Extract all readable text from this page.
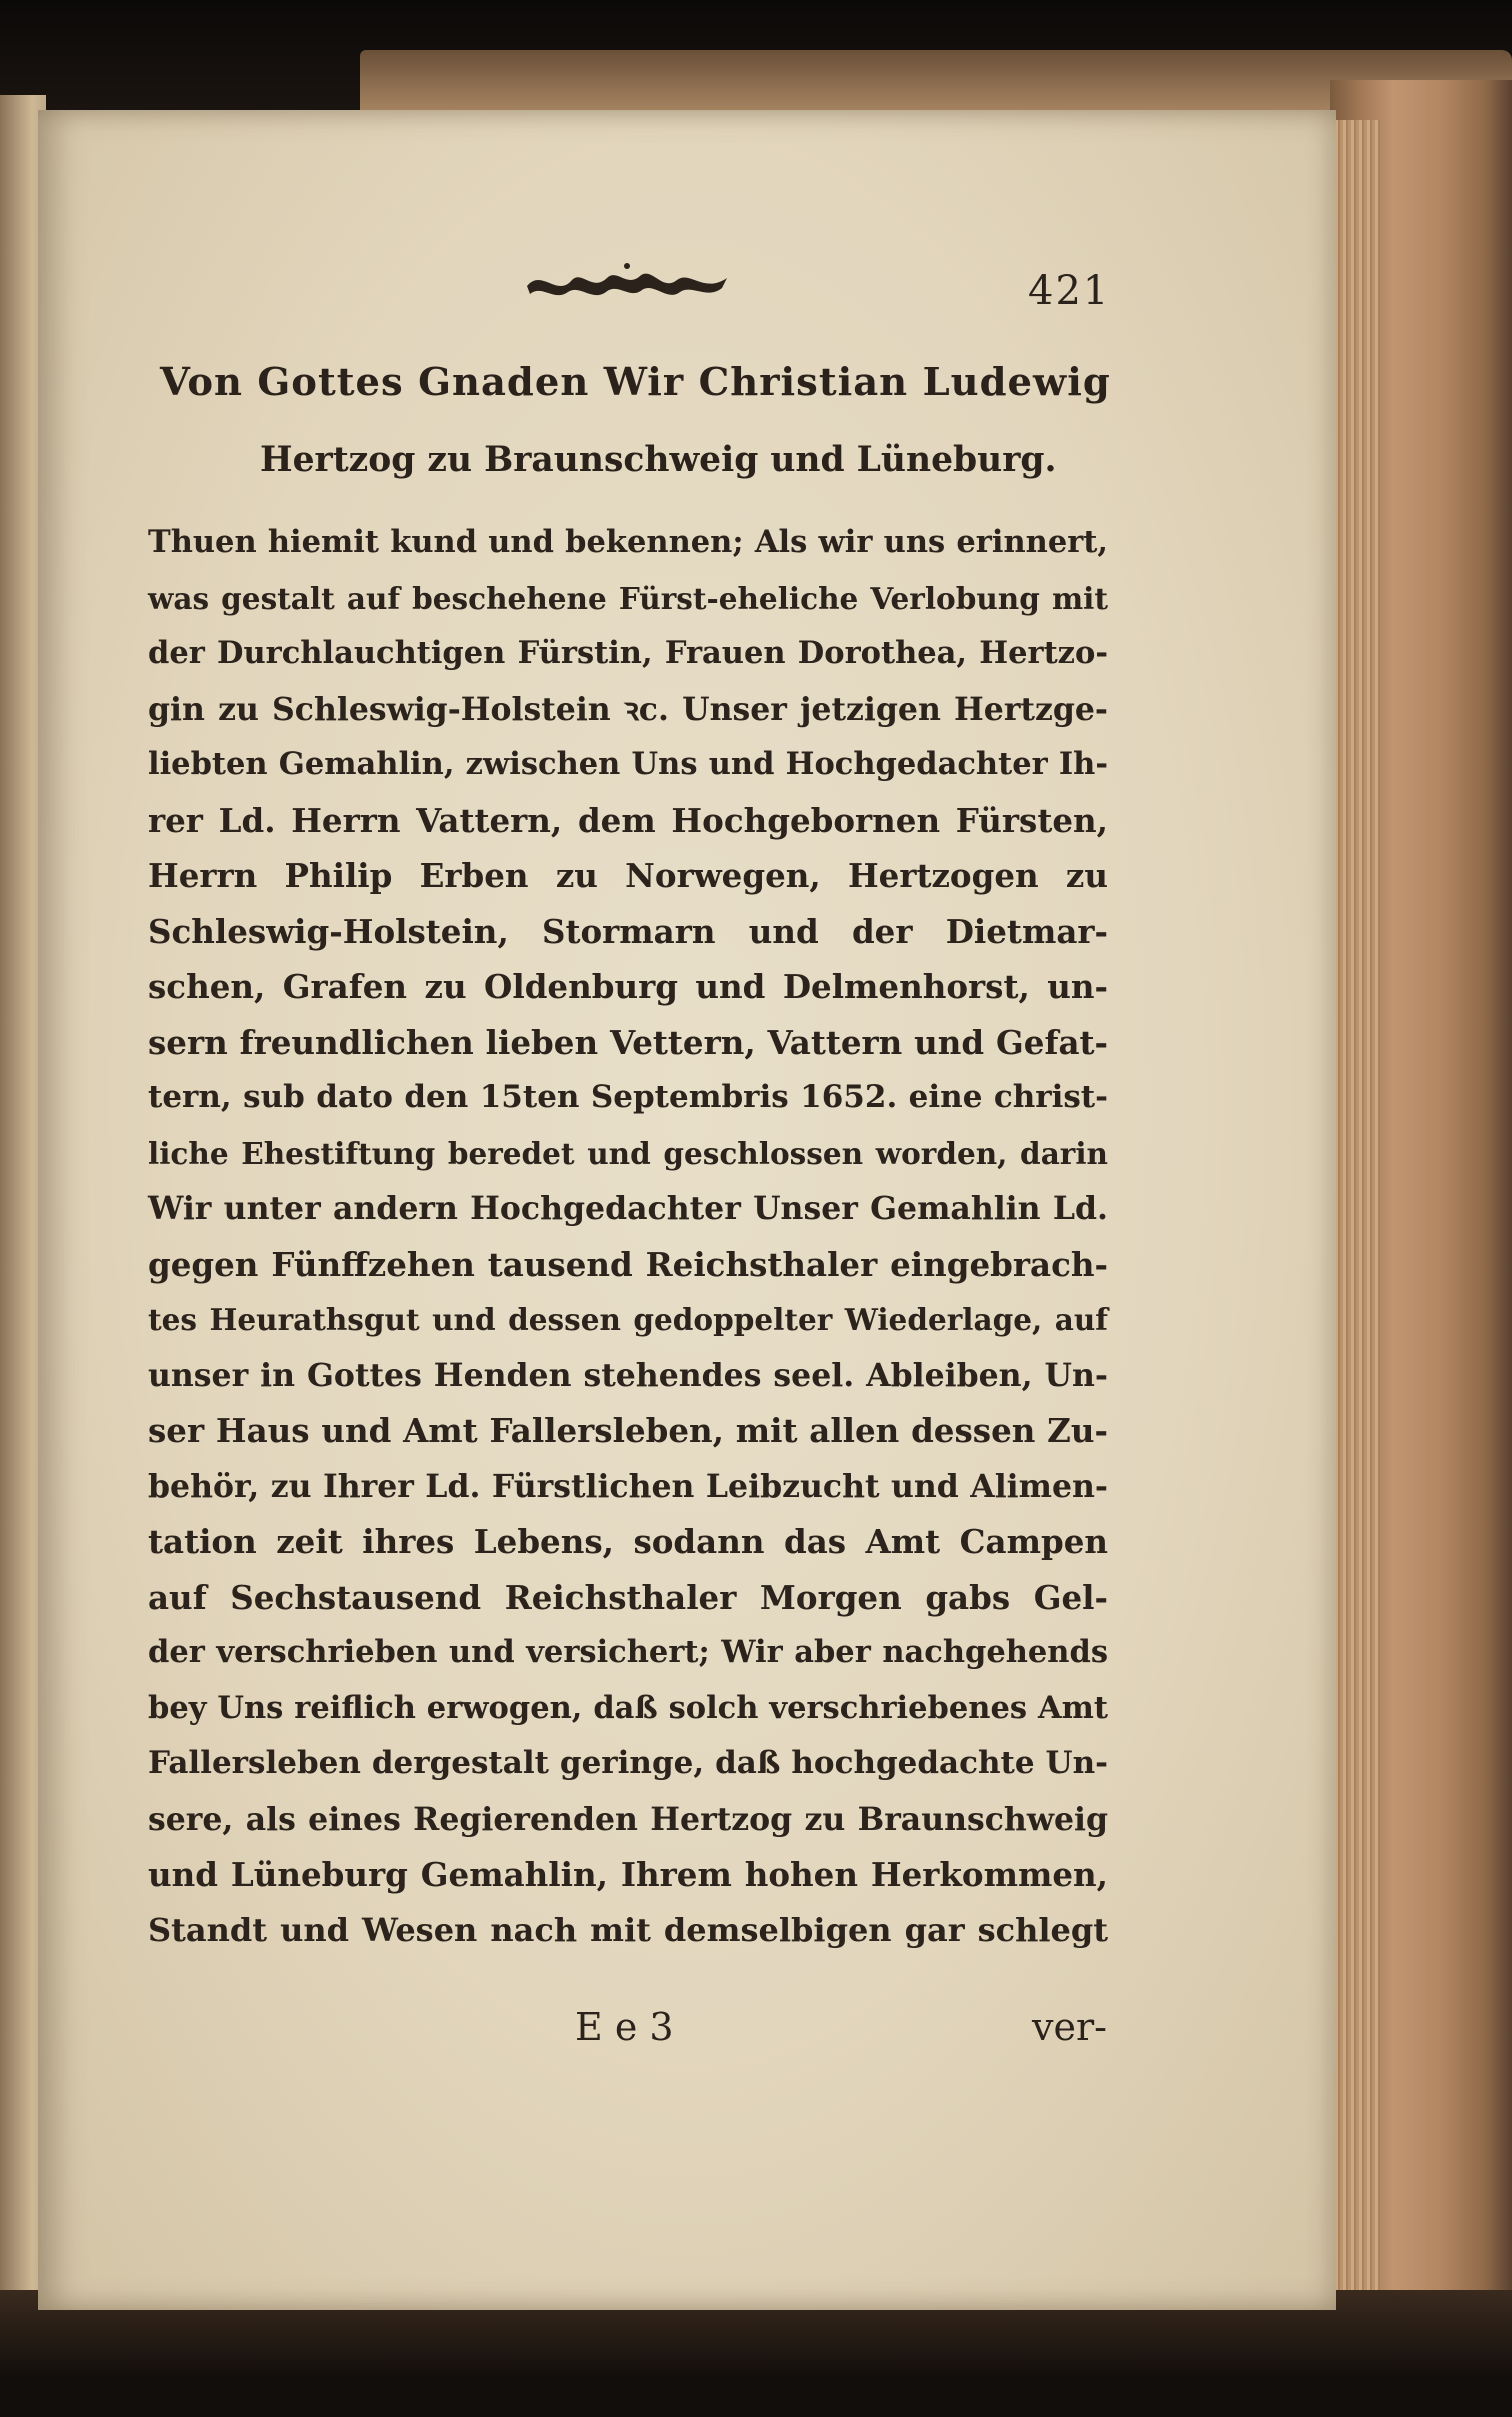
421
Von Gottes Gnaden Wir Christian Ludewig
Hertzog zu Braunschweig und Lüneburg.
Thuen hiemit kund und bekennen; Als wir uns erinnert,
was gestalt auf beschehene Fürst-eheliche Verlobung mit
der Durchlauchtigen Fürstin, Frauen Dorothea, Hertzo-
gin zu Schleswig-Holstein ꝛc. Unser jetzigen Hertzge-
liebten Gemahlin, zwischen Uns und Hochgedachter Ih-
rer Ld. Herrn Vattern, dem Hochgebornen Fürsten,
Herrn Philip Erben zu Norwegen, Hertzogen zu
Schleswig-Holstein, Stormarn und der Dietmar-
schen, Grafen zu Oldenburg und Delmenhorst, un-
sern freundlichen lieben Vettern, Vattern und Gefat-
tern, sub dato den 15ten Septembris 1652. eine christ-
liche Ehestiftung beredet und geschlossen worden, darin
Wir unter andern Hochgedachter Unser Gemahlin Ld.
gegen Fünffzehen tausend Reichsthaler eingebrach-
tes Heurathsgut und dessen gedoppelter Wiederlage, auf
unser in Gottes Henden stehendes seel. Ableiben, Un-
ser Haus und Amt Fallersleben, mit allen dessen Zu-
behör, zu Ihrer Ld. Fürstlichen Leibzucht und Alimen-
tation zeit ihres Lebens, sodann das Amt Campen
auf Sechstausend Reichsthaler Morgen gabs Gel-
der verschrieben und versichert; Wir aber nachgehends
bey Uns reiflich erwogen, daß solch verschriebenes Amt
Fallersleben dergestalt geringe, daß hochgedachte Un-
sere, als eines Regierenden Hertzog zu Braunschweig
und Lüneburg Gemahlin, Ihrem hohen Herkommen,
Standt und Wesen nach mit demselbigen gar schlegt
E e 3	ver-
